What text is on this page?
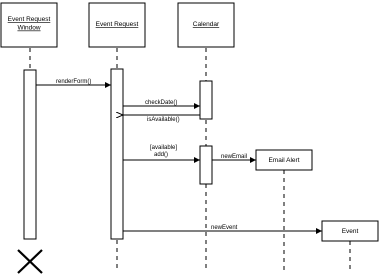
Event Request
Window	Event Request	Calendar
renderForm()
checkDate()
isAvailable()
[available]
add()	newEmail	Email Alert
newEvent	Event
